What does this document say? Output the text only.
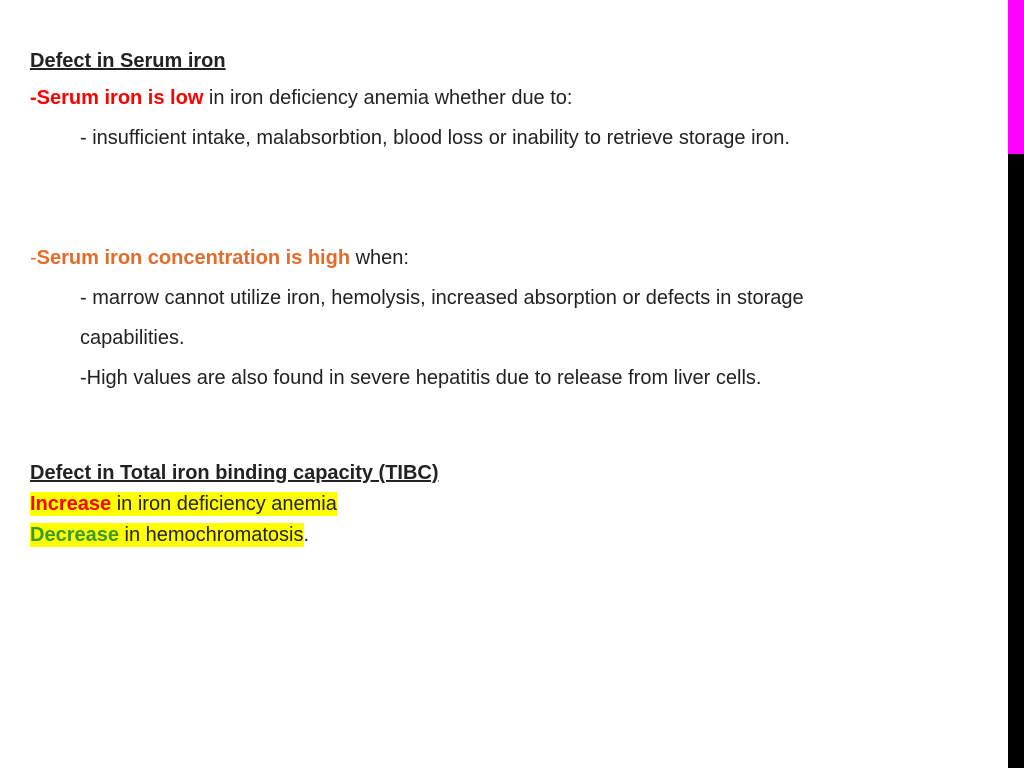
Defect in Serum iron
-Serum iron is low in iron deficiency anemia whether due to:
- insufficient intake, malabsorbtion, blood loss or inability to retrieve storage iron.
-Serum iron concentration is high when:
- marrow cannot utilize iron, hemolysis, increased absorption or defects in storage
capabilities.
-High values are also found in severe hepatitis due to release from liver cells.
Defect in Total iron binding capacity (TIBC)
Increase in iron deficiency anemia
Decrease in hemochromatosis.
